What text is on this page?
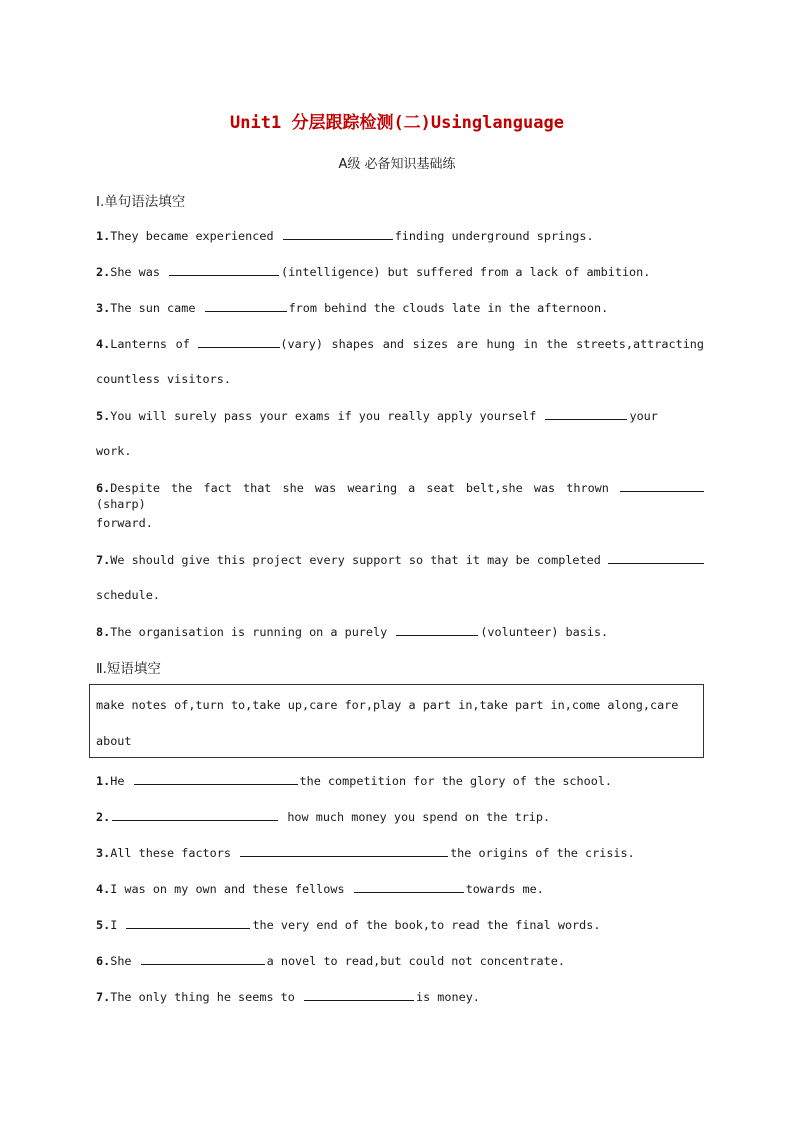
Unit1 分层跟踪检测(二)Usinglanguage
A级 必备知识基础练
Ⅰ.单句语法填空
1.They became experienced	finding underground springs.
2.She was	(intelligence) but suffered from a lack of ambition.
3.The sun came	from behind the clouds late in the afternoon.
4.Lanterns of	(vary) shapes and sizes are hung in the streets,attracting
countless visitors.
5.You will surely pass your exams if you really apply yourself	your
work.
6.Despite the fact that she was wearing a seat belt,she was thrown (sharp)
forward.
7.We should give this project every support so that it may be completed
schedule.
8.The organisation is running on a purely	(volunteer) basis.
Ⅱ.短语填空
make notes of,turn to,take up,care for,play a part in,take part in,come along,care
about
1.He	the competition for the glory of the school.
2.	how much money you spend on the trip.
3.All these factors	the origins of the crisis.
4.I was on my own and these fellows	towards me.
5.I	the very end of the book,to read the final words.
6.She	a novel to read,but could not concentrate.
7.The only thing he seems to	is money.
